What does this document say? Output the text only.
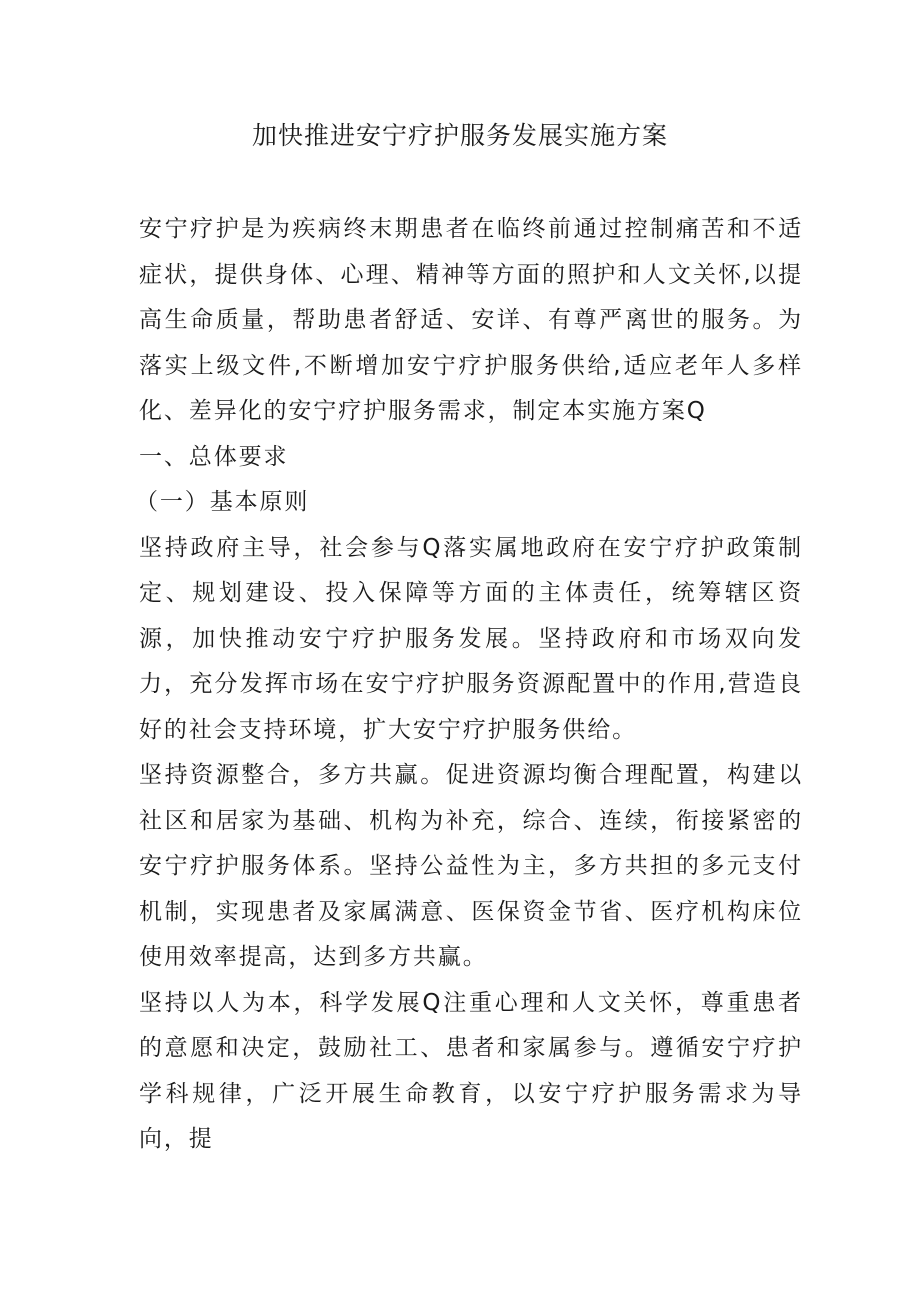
加快推进安宁疗护服务发展实施方案

安宁疗护是为疾病终末期患者在临终前通过控制痛苦和不适症状，提供身体、心理、精神等方面的照护和人文关怀,以提高生命质量，帮助患者舒适、安详、有尊严离世的服务。为落实上级文件,不断增加安宁疗护服务供给,适应老年人多样化、差异化的安宁疗护服务需求，制定本实施方案Q

一、总体要求
（一）基本原则

坚持政府主导，社会参与Q落实属地政府在安宁疗护政策制定、规划建设、投入保障等方面的主体责任，统筹辖区资源，加快推动安宁疗护服务发展。坚持政府和市场双向发力，充分发挥市场在安宁疗护服务资源配置中的作用,营造良好的社会支持环境，扩大安宁疗护服务供给。

坚持资源整合，多方共赢。促进资源均衡合理配置，构建以社区和居家为基础、机构为补充，综合、连续，衔接紧密的安宁疗护服务体系。坚持公益性为主，多方共担的多元支付机制，实现患者及家属满意、医保资金节省、医疗机构床位使用效率提高，达到多方共赢。

坚持以人为本，科学发展Q注重心理和人文关怀，尊重患者的意愿和决定，鼓励社工、患者和家属参与。遵循安宁疗护学科规律，广泛开展生命教育，以安宁疗护服务需求为导向，提
